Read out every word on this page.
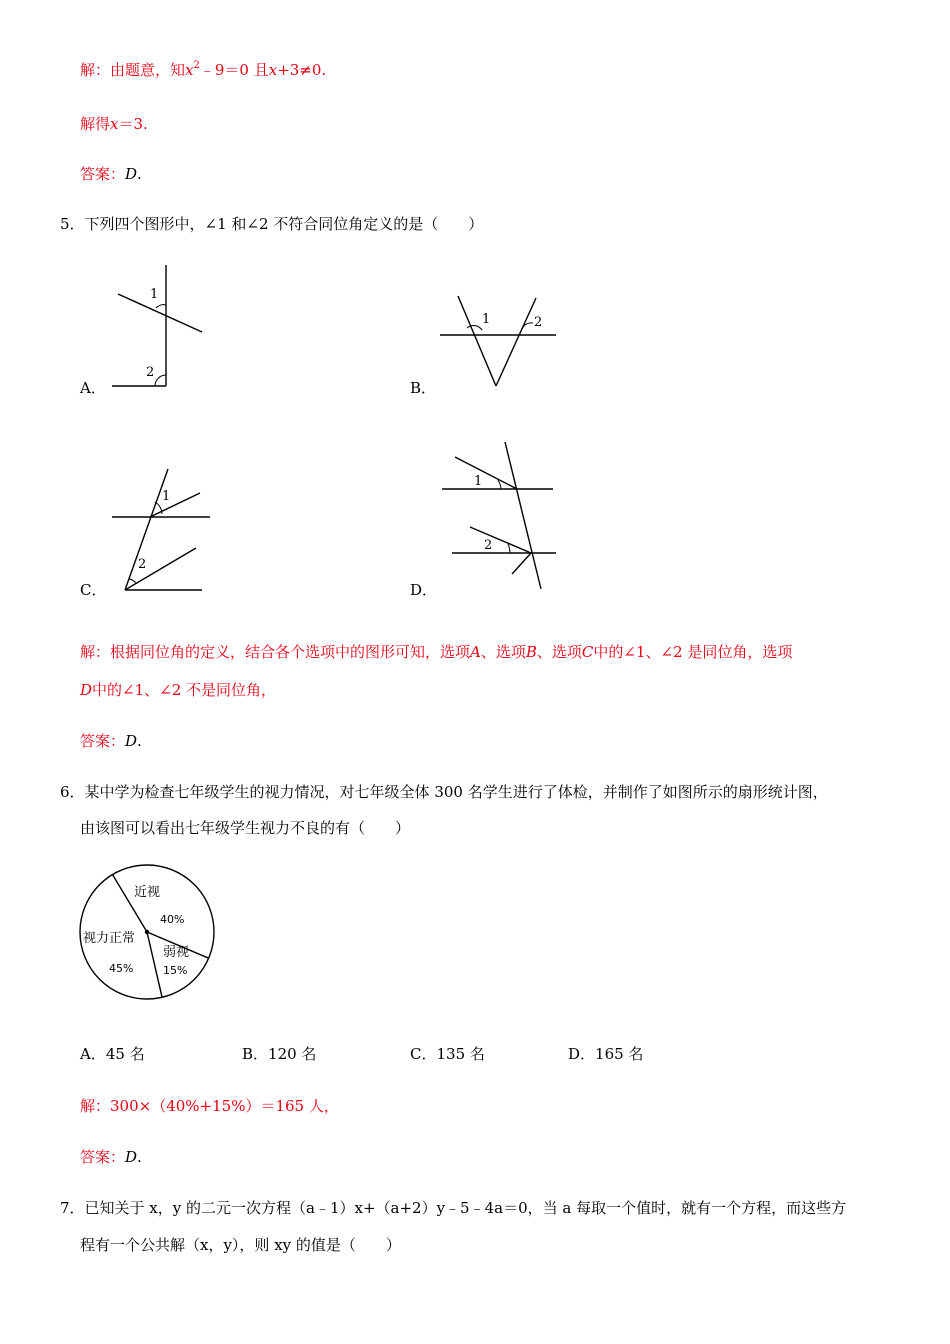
解：由题意，知$x^2﹣9=0$ 且x+3≠0.
解得x＝3.
答案：D.
5．下列四个图形中，∠1 和∠2 不符合同位角定义的是（　　）
1
2
A．
1	2
B．
1
2
C．
1
2
D．
解：根据同位角的定义，结合各个选项中的图形可知，选项A、选项B、选项C中的∠1、∠2 是同位角，选项
D中的∠1、∠2 不是同位角，
答案：D.
6．某中学为检查七年级学生的视力情况，对七年级全体 300 名学生进行了体检，并制作了如图所示的扇形统计图，
由该图可以看出七年级学生视力不良的有（　　）
近视
40%
弱视
15%
视力正常
45%
A．45 名	B．120 名	C．135 名	D．165 名
解：300×（40%+15%）＝165 人，
答案：D.
7．已知关于 x，y 的二元一次方程（a﹣1）x+（a+2）y﹣5﹣4a＝0，当 a 每取一个值时，就有一个方程，而这些方
程有一个公共解（x，y），则 xy 的值是（　　）
